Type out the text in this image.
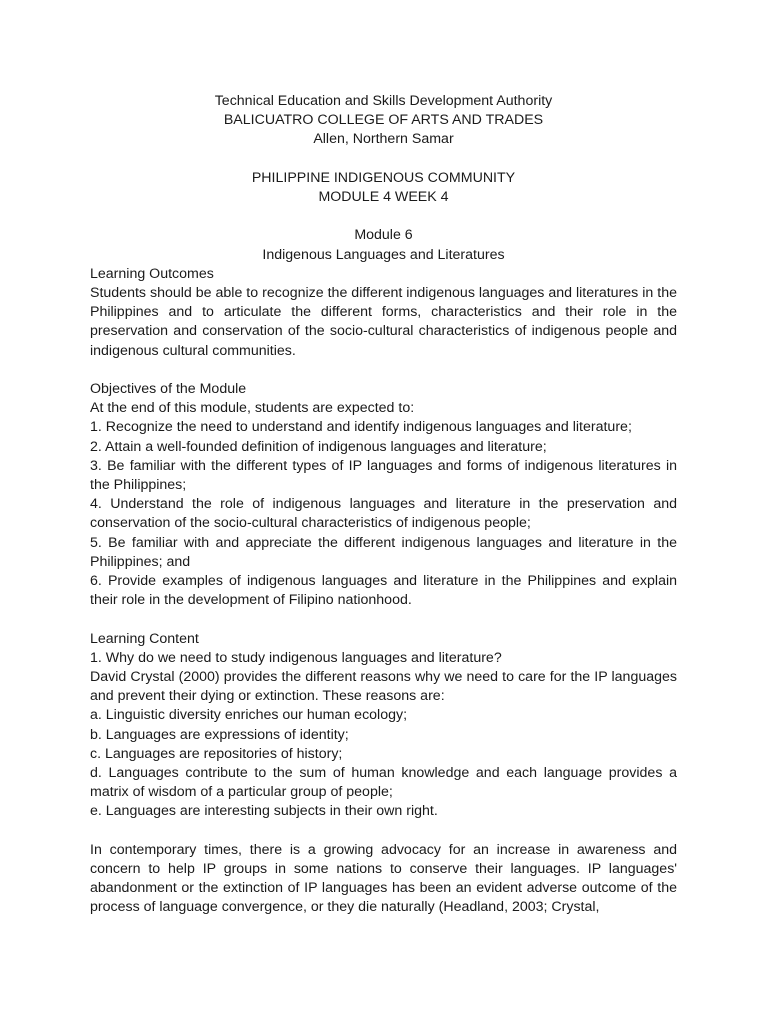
Technical Education and Skills Development Authority

BALICUATRO COLLEGE OF ARTS AND TRADES

Allen, Northern Samar

PHILIPPINE INDIGENOUS COMMUNITY

MODULE 4 WEEK 4

Module 6

Indigenous Languages and Literatures

Learning Outcomes

Students should be able to recognize the different indigenous languages and literatures in the Philippines and to articulate the different forms, characteristics and their role in the preservation and conservation of the socio-cultural characteristics of indigenous people and indigenous cultural communities.

Objectives of the Module

At the end of this module, students are expected to:

1. Recognize the need to understand and identify indigenous languages and literature;

2. Attain a well-founded definition of indigenous languages and literature;

3. Be familiar with the different types of IP languages and forms of indigenous literatures in the Philippines;

4. Understand the role of indigenous languages and literature in the preservation and conservation of the socio-cultural characteristics of indigenous people;

5. Be familiar with and appreciate the different indigenous languages and literature in the Philippines; and

6. Provide examples of indigenous languages and literature in the Philippines and explain their role in the development of Filipino nationhood.

Learning Content

1. Why do we need to study indigenous languages and literature?

David Crystal (2000) provides the different reasons why we need to care for the IP languages and prevent their dying or extinction. These reasons are:

a. Linguistic diversity enriches our human ecology;

b. Languages are expressions of identity;

c. Languages are repositories of history;

d. Languages contribute to the sum of human knowledge and each language provides a matrix of wisdom of a particular group of people;

e. Languages are interesting subjects in their own right.

In contemporary times, there is a growing advocacy for an increase in awareness and concern to help IP groups in some nations to conserve their languages. IP languages' abandonment or the extinction of IP languages has been an evident adverse outcome of the process of language convergence, or they die naturally (Headland, 2003; Crystal,
